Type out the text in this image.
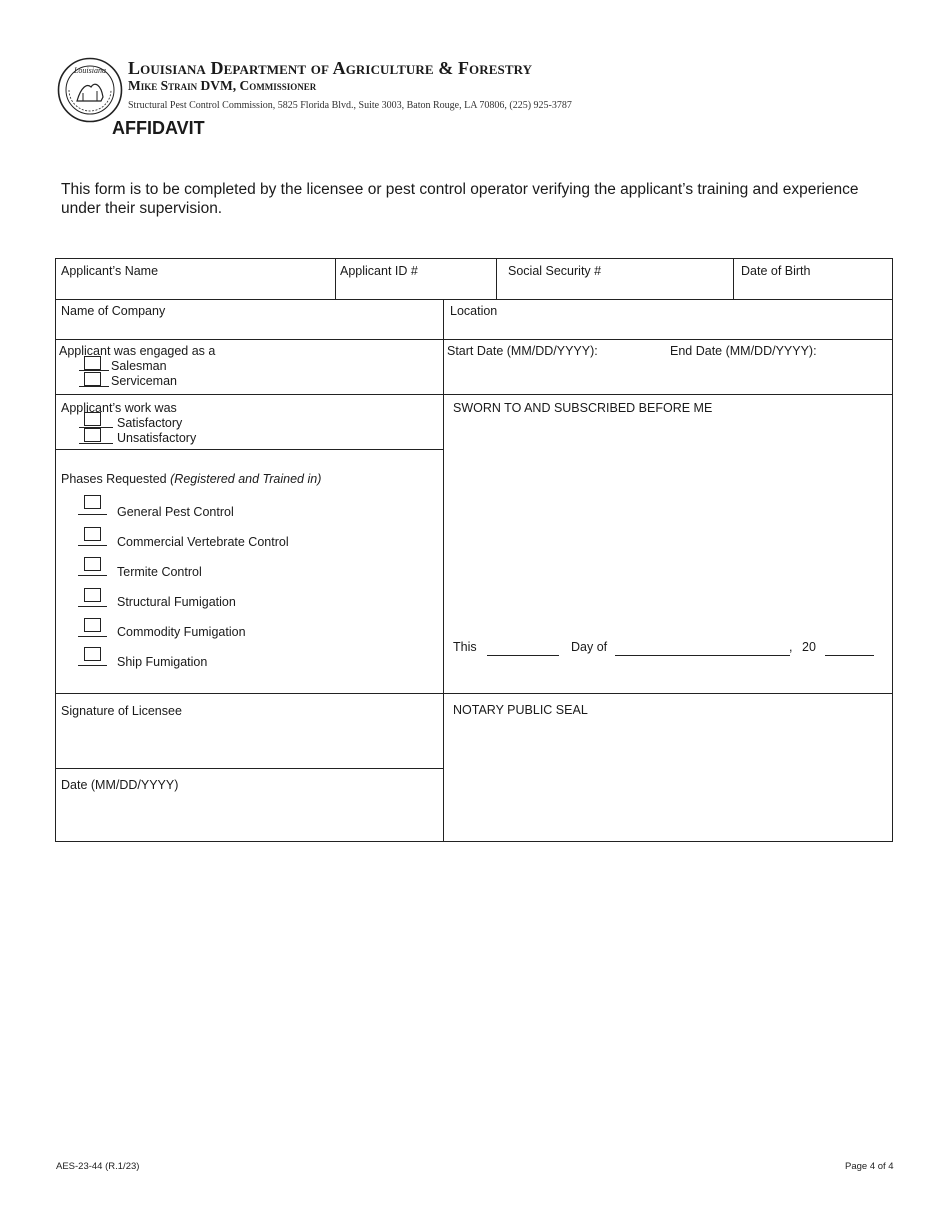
Louisiana Louisiana Department of Agriculture & Forestry
Mike Strain DVM, Commissioner
Structural Pest Control Commission, 5825 Florida Blvd., Suite 3003, Baton Rouge, LA 70806, (225) 925-3787
AFFIDAVIT
This form is to be completed by the licensee or pest control operator verifying the applicant’s training and experience under their supervision.
Applicant’s Name	Applicant ID #	Social Security #	Date of Birth
Name of Company	Location
Applicant was engaged as a
Salesman
Serviceman
Start Date (MM/DD/YYYY):	End Date (MM/DD/YYYY):
Applicant’s work was
Satisfactory
Unsatisfactory
Phases Requested (Registered and Trained in)
General Pest Control
Commercial Vertebrate Control
Termite Control
Structural Fumigation
Commodity Fumigation
Ship Fumigation
SWORN TO AND SUBSCRIBED BEFORE ME
This	Day of	, 20
Signature of Licensee
Date (MM/DD/YYYY)
NOTARY PUBLIC SEAL
AES-23-44 (R.1/23)	Page 4 of 4
